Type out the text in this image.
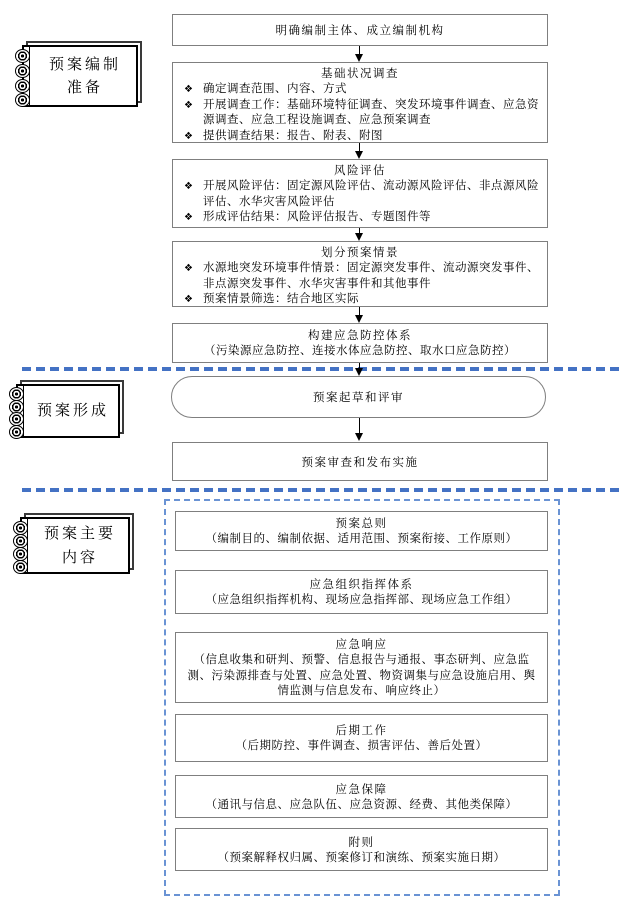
预案编制
准备
预案形成
预案主要
内容
明确编制主体、成立编制机构
基础状况调查
❖ 确定调查范围、内容、方式
❖ 开展调查工作：基础环境特征调查、突发环境事件调查、应急资源调查、应急工程设施调查、应急预案调查
❖ 提供调查结果：报告、附表、附图
风险评估
❖ 开展风险评估：固定源风险评估、流动源风险评估、非点源风险评估、水华灾害风险评估
❖ 形成评估结果：风险评估报告、专题图件等
划分预案情景
❖ 水源地突发环境事件情景：固定源突发事件、流动源突发事件、非点源突发事件、水华灾害事件和其他事件
❖ 预案情景筛选：结合地区实际
构建应急防控体系
（污染源应急防控、连接水体应急防控、取水口应急防控）
预案起草和评审
预案审查和发布实施
预案总则
（编制目的、编制依据、适用范围、预案衔接、工作原则）
应急组织指挥体系
（应急组织指挥机构、现场应急指挥部、现场应急工作组）
应急响应
（信息收集和研判、预警、信息报告与通报、事态研判、应急监测、污染源排查与处置、应急处置、物资调集与应急设施启用、舆情监测与信息发布、响应终止）
后期工作
（后期防控、事件调查、损害评估、善后处置）
应急保障
（通讯与信息、应急队伍、应急资源、经费、其他类保障）
附则
（预案解释权归属、预案修订和演练、预案实施日期）
